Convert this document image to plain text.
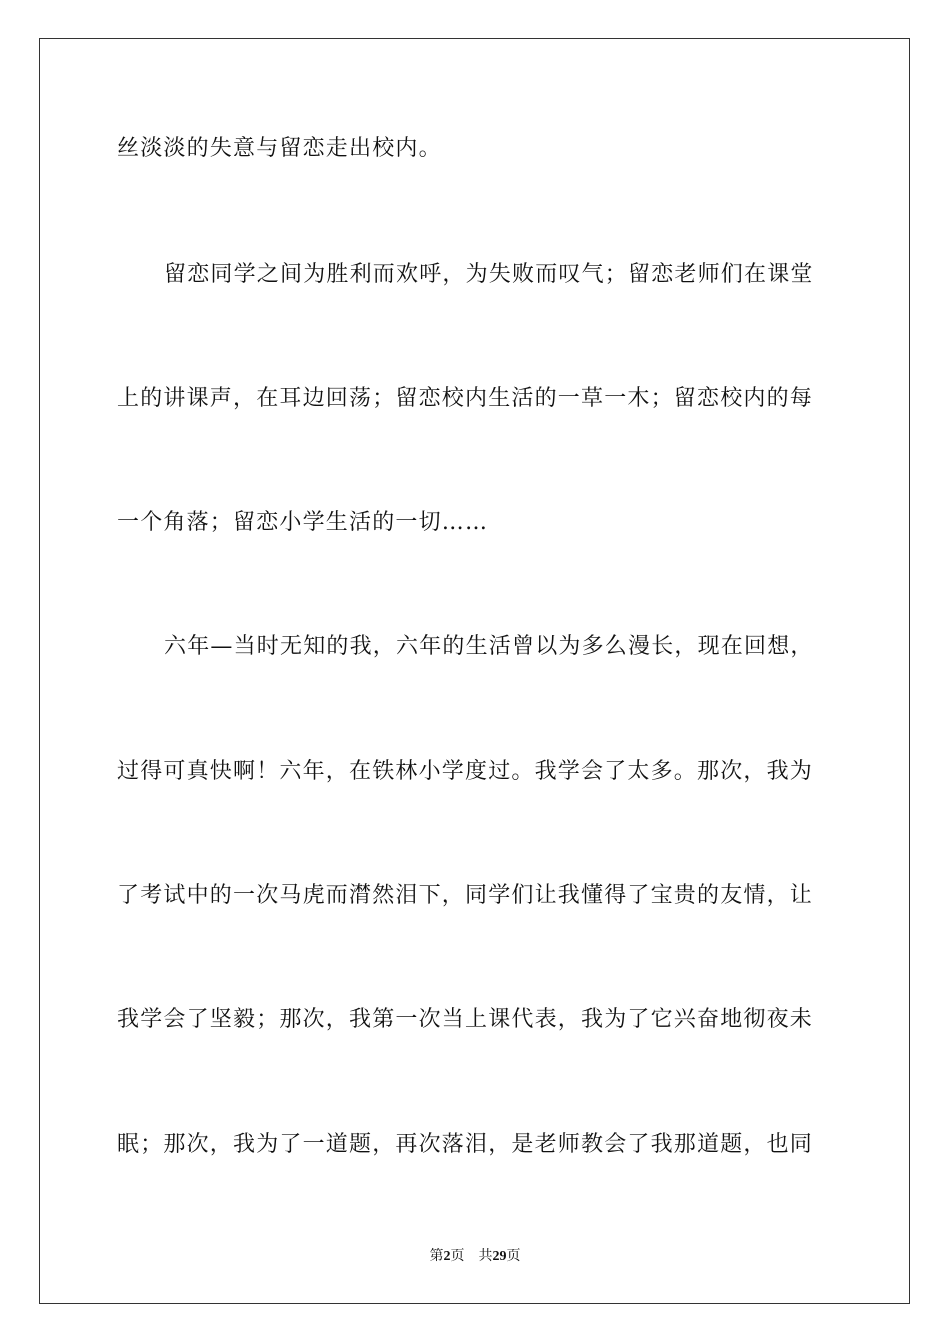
丝淡淡的失意与留恋走出校内。
留恋同学之间为胜利而欢呼，为失败而叹气；留恋老师们在课堂
上的讲课声，在耳边回荡；留恋校内生活的一草一木；留恋校内的每
一个角落；留恋小学生活的一切……
六年—当时无知的我，六年的生活曾以为多么漫长，现在回想，
过得可真快啊！六年，在铁林小学度过。我学会了太多。那次，我为
了考试中的一次马虎而潸然泪下，同学们让我懂得了宝贵的友情，让
我学会了坚毅；那次，我第一次当上课代表，我为了它兴奋地彻夜未
眠；那次，我为了一道题，再次落泪，是老师教会了我那道题，也同
第2页 共29页
